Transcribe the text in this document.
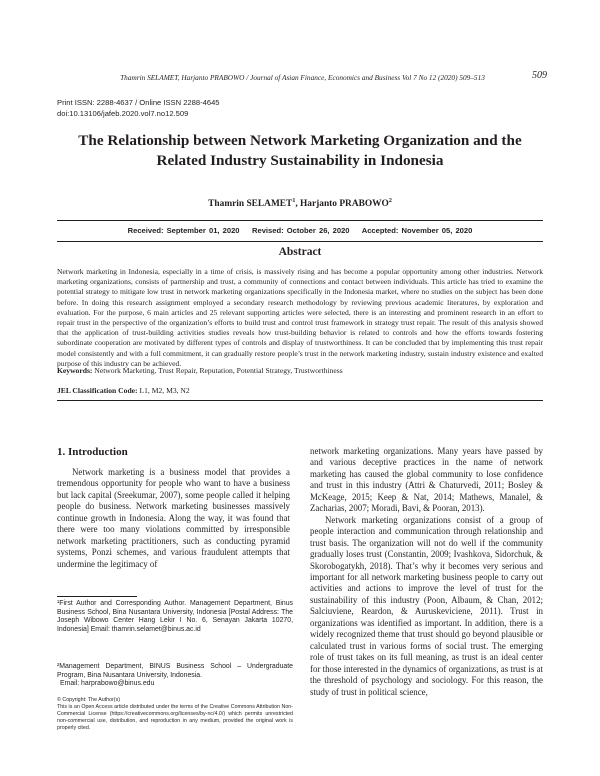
Thamrin SELAMET, Harjanto PRABOWO / Journal of Asian Finance, Economics and Business Vol 7 No 12 (2020) 509–513	509
Print ISSN: 2288-4637 / Online ISSN 2288-4645
doi:10.13106/jafeb.2020.vol7.no12.509
The Relationship between Network Marketing Organization and the
Related Industry Sustainability in Indonesia
Thamrin SELAMET$^1$, Harjanto PRABOWO$^2$
Received: September 01, 2020 Revised: October 26, 2020 Accepted: November 05, 2020
Abstract
Network marketing in Indonesia, especially in a time of crisis, is massively rising and has become a popular opportunity among other industries. Network marketing organizations, consists of partnership and trust, a community of connections and contact between individuals. This article has tried to examine the potential strategy to mitigate low trust in network marketing organizations specifically in the Indonesia market, where no studies on the subject has been done before. In doing this research assignment employed a secondary research methodology by reviewing previous academic literatures, by exploration and evaluation. For the purpose, 6 main articles and 25 relevant supporting articles were selected, there is an interesting and prominent research in an effort to repair trust in the perspective of the organization’s efforts to build trust and control trust framework in strategy trust repair. The result of this analysis showed that the application of trust-building activities studies reveals how trust-building behavior is related to controls and how the efforts towards fostering subordinate cooperation are motivated by different types of controls and display of trustworthiness. It can be concluded that by implementing this trust repair model consistently and with a full commitment, it can gradually restore people’s trust in the network marketing industry, sustain industry existence and exalted purpose of this industry can be achieved.
Keywords: Network Marketing, Trust Repair, Reputation, Potential Strategy, Trustworthiness
JEL Classification Code: L1, M2, M3, N2
1. Introduction

Network marketing is a business model that provides a tremendous opportunity for people who want to have a business but lack capital (Sreekumar, 2007), some people called it helping people do business. Network marketing businesses massively continue growth in Indonesia. Along the way, it was found that there were too many violations committed by irresponsible network marketing practitioners, such as conducting pyramid systems, Ponzi schemes, and various fraudulent attempts that undermine the legitimacy of

network marketing organizations. Many years have passed by and various deceptive practices in the name of network marketing has caused the global community to lose confidence and trust in this industry (Attri & Chaturvedi, 2011; Bosley & McKeage, 2015; Keep & Nat, 2014; Mathews, Manalel, & Zacharias, 2007; Moradi, Bavi, & Pooran, 2013).

Network marketing organizations consist of a group of people interaction and communication through relationship and trust basis. The organization will not do well if the community gradually loses trust (Constantin, 2009; Ivashkova, Sidorchuk, & Skorobogatykh, 2018). That’s why it becomes very serious and important for all network marketing business people to carry out activities and actions to improve the level of trust for the sustainability of this industry (Poon, Albaum, & Chan, 2012; Salciuviene, Reardon, & Auruskeviciene, 2011). Trust in organizations was identified as important. In addition, there is a widely recognized theme that trust should go beyond plausible or calculated trust in various forms of social trust. The emerging role of trust takes on its full meaning, as trust is an ideal center for those interested in the dynamics of organizations, as trust is at the threshold of psychology and sociology. For this reason, the study of trust in political science,

¹First Author and Corresponding Author. Management Department, Binus Business School, Bina Nusantara University, Indonesia [Postal Address: The Joseph Wibowo Center Hang Lekir I No. 6, Senayan Jakarta 10270, Indonesia] Email: thamrin.selamet@binus.ac.id
²Management Department, BINUS Business School – Undergraduate Program, Bina Nusantara University, Indonesia.
Email: harprabowo@binus.edu
© Copyright: The Author(s)
This is an Open Access article distributed under the terms of the Creative Commons Attribution Non-Commercial License (https://creativecommons.org/licenses/by-nc/4.0/) which permits unrestricted non-commercial use, distribution, and reproduction in any medium, provided the original work is properly cited.
